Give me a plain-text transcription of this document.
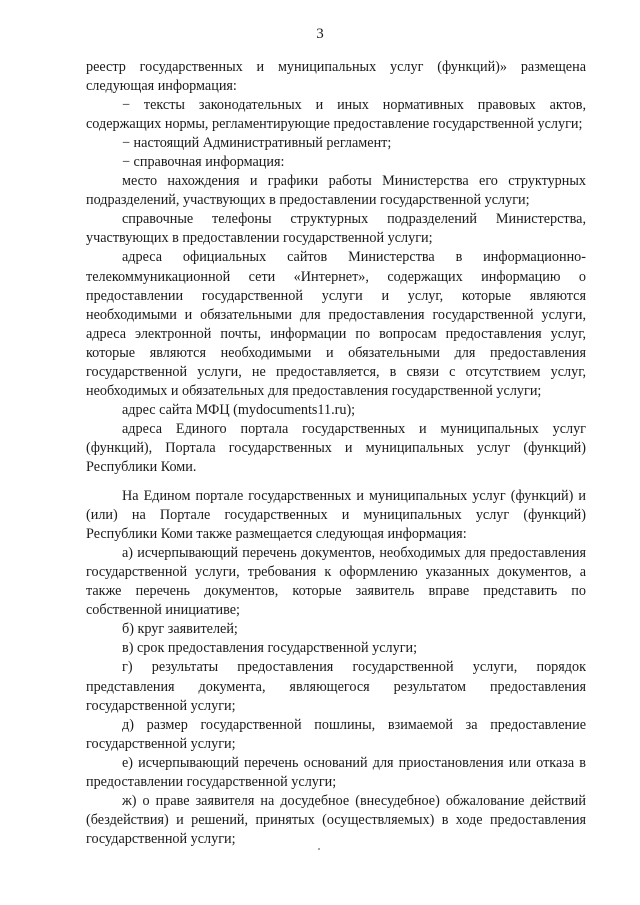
3

реестр государственных и муниципальных услуг (функций)» размещена следующая информация:

− тексты законодательных и иных нормативных правовых актов, содержащих нормы, регламентирующие предоставление государственной услуги;

− настоящий Административный регламент;

− справочная информация:

место нахождения и графики работы Министерства его структурных подразделений, участвующих в предоставлении государственной услуги;

справочные телефоны структурных подразделений Министерства, участвующих в предоставлении государственной услуги;

адреса официальных сайтов Министерства в информационно-телекоммуникационной сети «Интернет», содержащих информацию о предоставлении государственной услуги и услуг, которые являются необходимыми и обязательными для предоставления государственной услуги, адреса электронной почты, информации по вопросам предоставления услуг, которые являются необходимыми и обязательными для предоставления государственной услуги, не предоставляется, в связи с отсутствием услуг, необходимых и обязательных для предоставления государственной услуги;

адрес сайта МФЦ (mydocuments11.ru);

адреса Единого портала государственных и муниципальных услуг (функций), Портала государственных и муниципальных услуг (функций) Республики Коми.

На Едином портале государственных и муниципальных услуг (функций) и (или) на Портале государственных и муниципальных услуг (функций) Республики Коми также размещается следующая информация:

а) исчерпывающий перечень документов, необходимых для предоставления государственной услуги, требования к оформлению указанных документов, а также перечень документов, которые заявитель вправе представить по собственной инициативе;

б) круг заявителей;

в) срок предоставления государственной услуги;

г) результаты предоставления государственной услуги, порядок представления документа, являющегося результатом предоставления государственной услуги;

д) размер государственной пошлины, взимаемой за предоставление государственной услуги;

е) исчерпывающий перечень оснований для приостановления или отказа в предоставлении государственной услуги;

ж) о праве заявителя на досудебное (внесудебное) обжалование действий (бездействия) и решений, принятых (осуществляемых) в ходе предоставления государственной услуги;
